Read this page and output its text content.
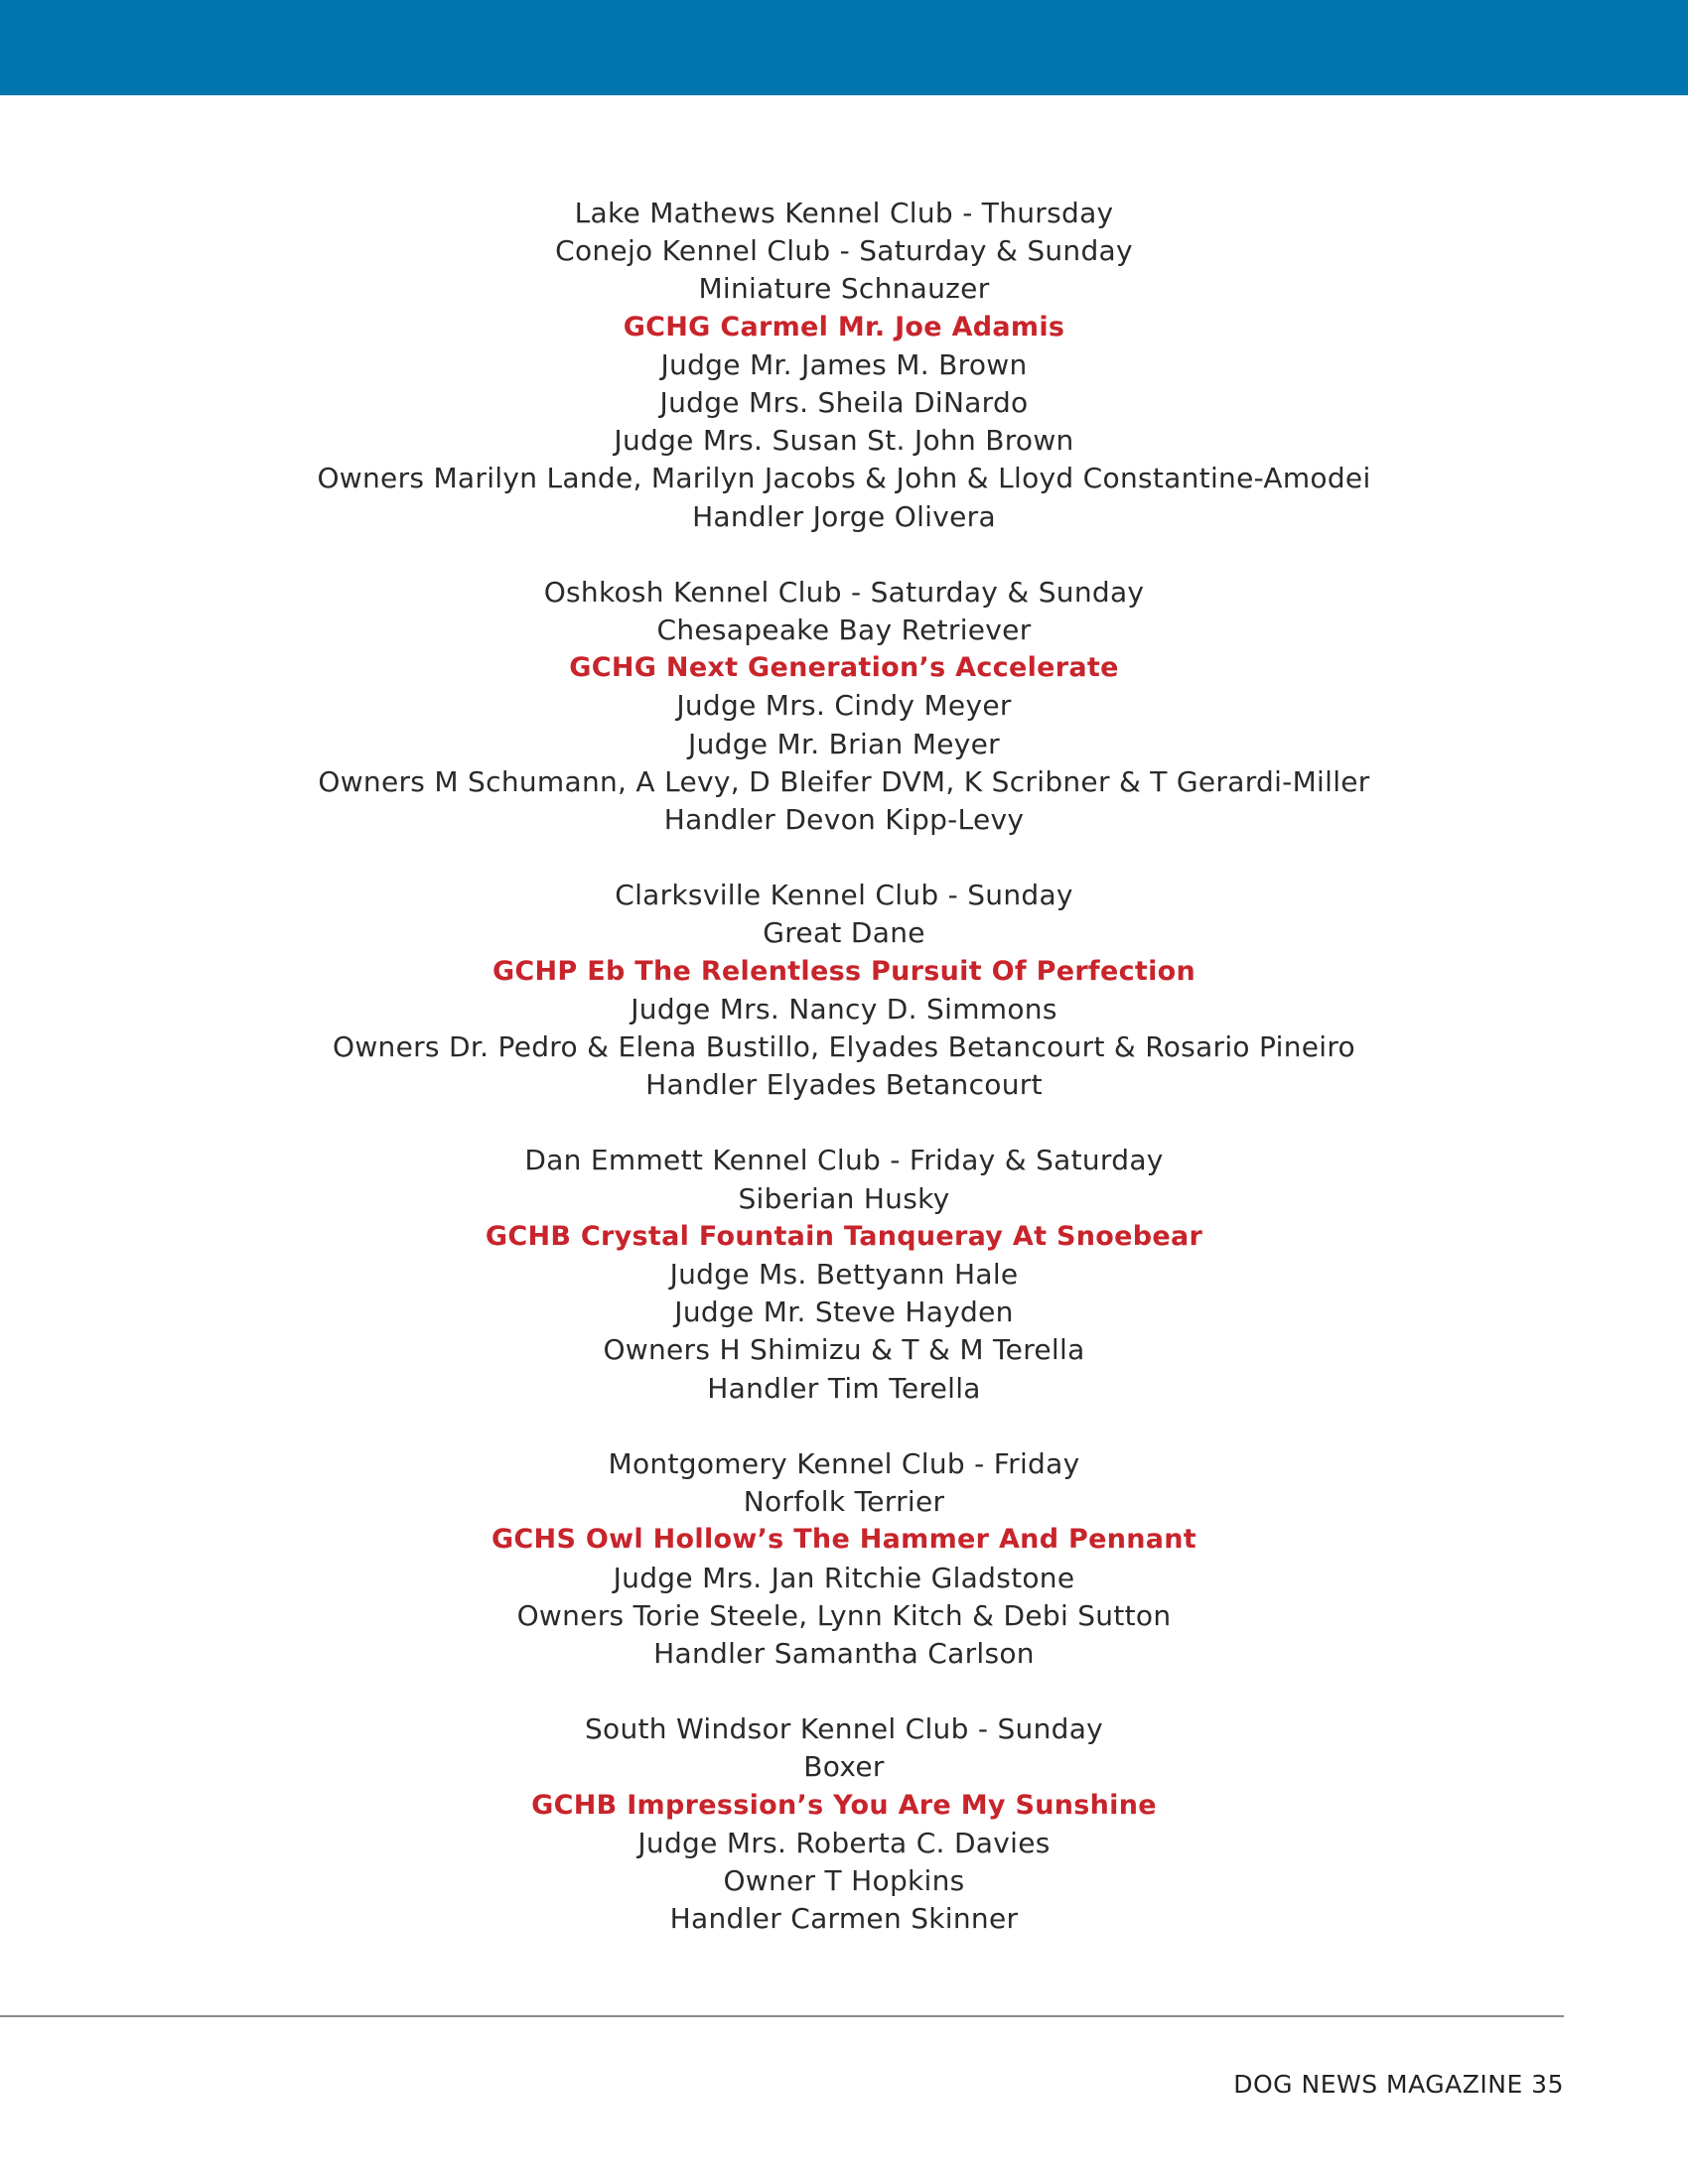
Lake Mathews Kennel Club - Thursday
Conejo Kennel Club - Saturday & Sunday
Miniature Schnauzer
GCHG Carmel Mr. Joe Adamis
Judge Mr. James M. Brown
Judge Mrs. Sheila DiNardo
Judge Mrs. Susan St. John Brown
Owners Marilyn Lande, Marilyn Jacobs & John & Lloyd Constantine-Amodei
Handler Jorge Olivera
Oshkosh Kennel Club - Saturday & Sunday
Chesapeake Bay Retriever
GCHG Next Generation’s Accelerate
Judge Mrs. Cindy Meyer
Judge Mr. Brian Meyer
Owners M Schumann, A Levy, D Bleifer DVM, K Scribner & T Gerardi-Miller
Handler Devon Kipp-Levy
Clarksville Kennel Club - Sunday
Great Dane
GCHP Eb The Relentless Pursuit Of Perfection
Judge Mrs. Nancy D. Simmons
Owners Dr. Pedro & Elena Bustillo, Elyades Betancourt & Rosario Pineiro
Handler Elyades Betancourt
Dan Emmett Kennel Club - Friday & Saturday
Siberian Husky
GCHB Crystal Fountain Tanqueray At Snoebear
Judge Ms. Bettyann Hale
Judge Mr. Steve Hayden
Owners H Shimizu & T & M Terella
Handler Tim Terella
Montgomery Kennel Club - Friday
Norfolk Terrier
GCHS Owl Hollow’s The Hammer And Pennant
Judge Mrs. Jan Ritchie Gladstone
Owners Torie Steele, Lynn Kitch & Debi Sutton
Handler Samantha Carlson
South Windsor Kennel Club - Sunday
Boxer
GCHB Impression’s You Are My Sunshine
Judge Mrs. Roberta C. Davies
Owner T Hopkins
Handler Carmen Skinner
DOG NEWS MAGAZINE 35
